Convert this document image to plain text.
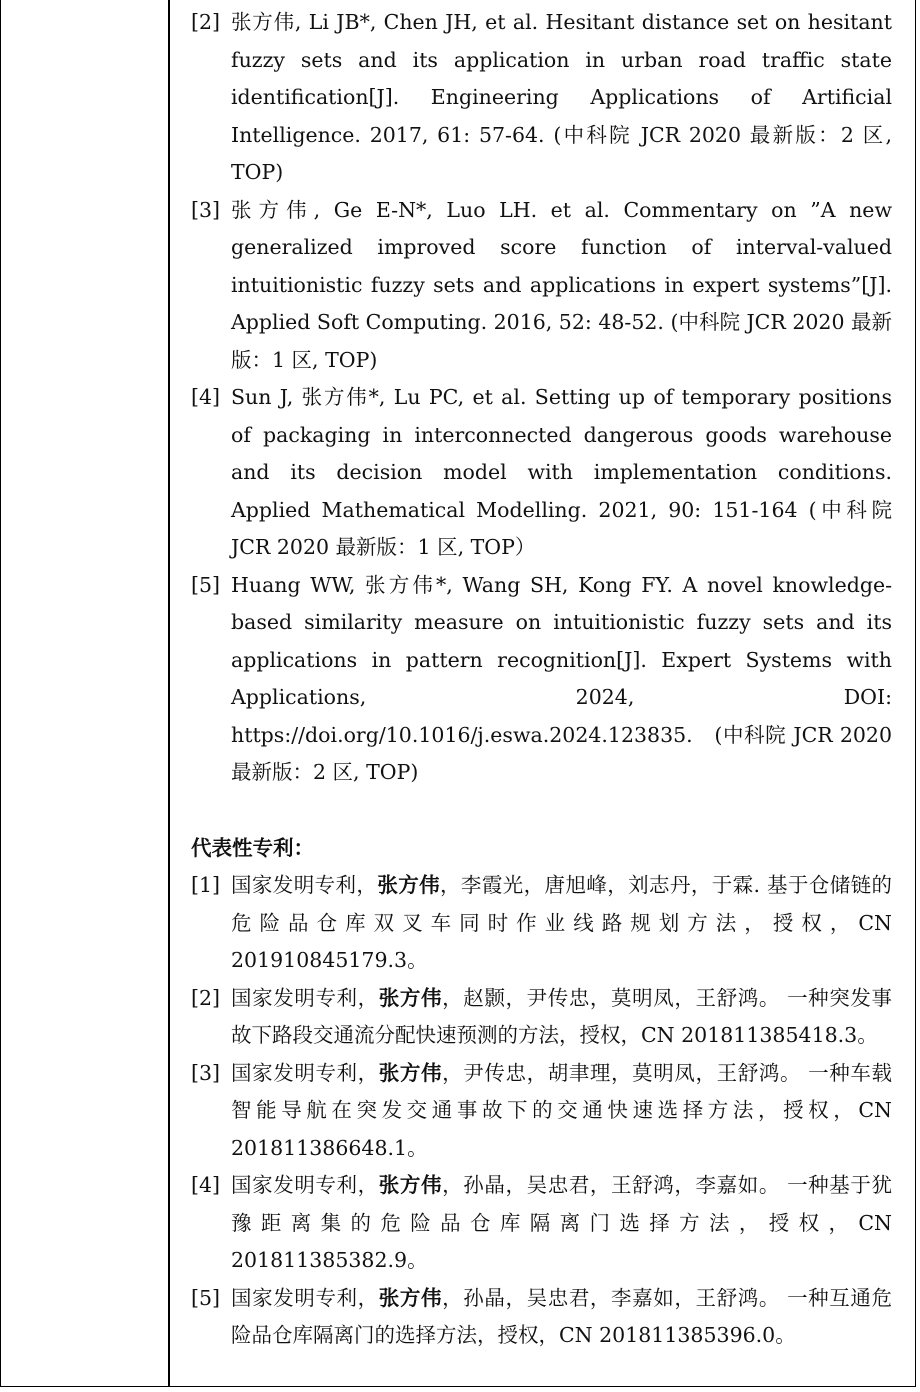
[2] 张方伟, Li JB*, Chen JH, et al. Hesitant distance set on hesitant fuzzy sets and its application in urban road traffic state identification[J]. Engineering Applications of Artificial Intelligence. 2017, 61: 57-64. (中科院 JCR 2020 最新版：2 区, TOP)
[3] 张方伟, Ge E-N*, Luo LH. et al. Commentary on ”A new generalized improved score function of interval-valued intuitionistic fuzzy sets and applications in expert systems”[J]. Applied Soft Computing. 2016, 52: 48-52. (中科院 JCR 2020 最新版：1 区, TOP)
[4] Sun J, 张方伟*, Lu PC, et al. Setting up of temporary positions of packaging in interconnected dangerous goods warehouse and its decision model with implementation conditions. Applied Mathematical Modelling. 2021, 90: 151-164 (中科院 JCR 2020 最新版：1 区, TOP）
[5] Huang WW, 张方伟*, Wang SH, Kong FY. A novel knowledge-based similarity measure on intuitionistic fuzzy sets and its applications in pattern recognition[J]. Expert Systems with Applications, 2024, DOI: https://doi.org/10.1016/j.eswa.2024.123835.　(中科院 JCR 2020 最新版：2 区, TOP)
代表性专利：
[1] 国家发明专利，张方伟，李霞光，唐旭峰，刘志丹，于霖. 基于仓储链的危险品仓库双叉车同时作业线路规划方法，授权，CN 201910845179.3。
[2] 国家发明专利，张方伟，赵颢，尹传忠，莫明凤，王舒鸿。 一种突发事故下路段交通流分配快速预测的方法，授权，CN 201811385418.3。
[3] 国家发明专利，张方伟，尹传忠，胡聿理，莫明凤，王舒鸿。 一种车载智能导航在突发交通事故下的交通快速选择方法，授权，CN 201811386648.1。
[4] 国家发明专利，张方伟，孙晶，吴忠君，王舒鸿，李嘉如。 一种基于犹豫距离集的危险品仓库隔离门选择方法，授权，CN 201811385382.9。
[5] 国家发明专利，张方伟，孙晶，吴忠君，李嘉如，王舒鸿。 一种互通危险品仓库隔离门的选择方法，授权，CN 201811385396.0。
